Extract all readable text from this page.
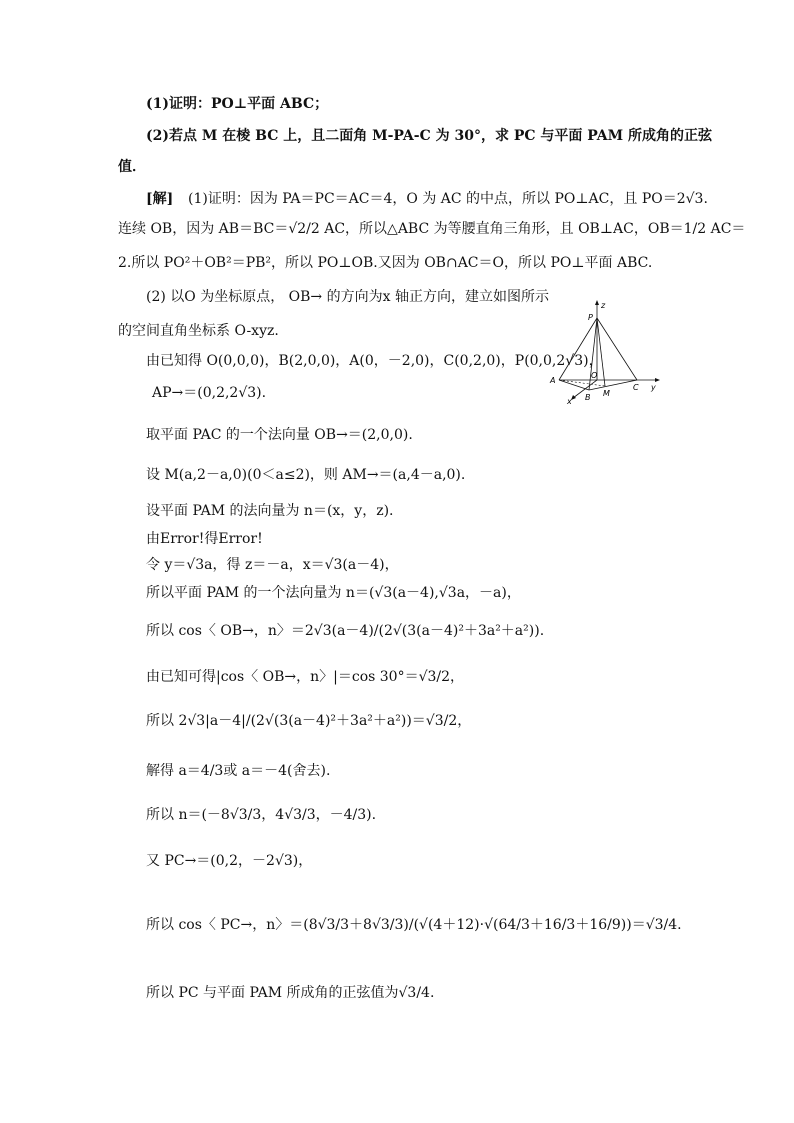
(1)证明：PO⊥平面 ABC；
(2)若点 M 在棱 BC 上，且二面角 M-PA-C 为 30°，求 PC 与平面 PAM 所成角的正弦
值．
[解] (1)证明：因为 PA＝PC＝AC＝4，O 为 AC 的中点，所以 PO⊥AC，且 PO＝2√3.
连续 OB，因为 AB＝BC＝√2/2 AC，所以△ABC 为等腰直角三角形，且 OB⊥AC，OB＝1/2 AC＝
2.所以 PO²＋OB²＝PB²，所以 PO⊥OB.又因为 OB∩AC＝O，所以 PO⊥平面 ABC.
(2) 以O 为坐标原点， OB→ 的方向为x 轴正方向，建立如图所示
的空间直角坐标系 O-xyz.
由已知得 O(0,0,0)，B(2,0,0)，A(0，－2,0)，C(0,2,0)，P(0,0,2√3)，
AP→＝(0,2,2√3).
取平面 PAC 的一个法向量 OB→＝(2,0,0).
设 M(a,2－a,0)(0＜a≤2)，则 AM→＝(a,4－a,0).
设平面 PAM 的法向量为 n＝(x，y，z).
由Error!得Error!
令 y＝√3a，得 z＝－a，x＝√3(a－4)，
所以平面 PAM 的一个法向量为 n＝(√3(a－4),√3a，－a)，
所以 cos〈 OB→，n〉＝2√3(a－4)/(2√(3(a－4)²＋3a²＋a²)).
由已知可得|cos〈 OB→，n〉|＝cos 30°＝√3/2，
所以 2√3|a－4|/(2√(3(a－4)²＋3a²＋a²))＝√3/2，
解得 a＝4/3或 a＝－4(舍去).
所以 n＝(－8√3/3，4√3/3，－4/3).
又 PC→＝(0,2，－2√3)，
所以 cos〈 PC→，n〉＝(8√3/3＋8√3/3)/(√(4＋12)·√(64/3＋16/3＋16/9))＝√3/4.
所以 PC 与平面 PAM 所成角的正弦值为√3/4.
z
P
O
A
C y
B M
x
